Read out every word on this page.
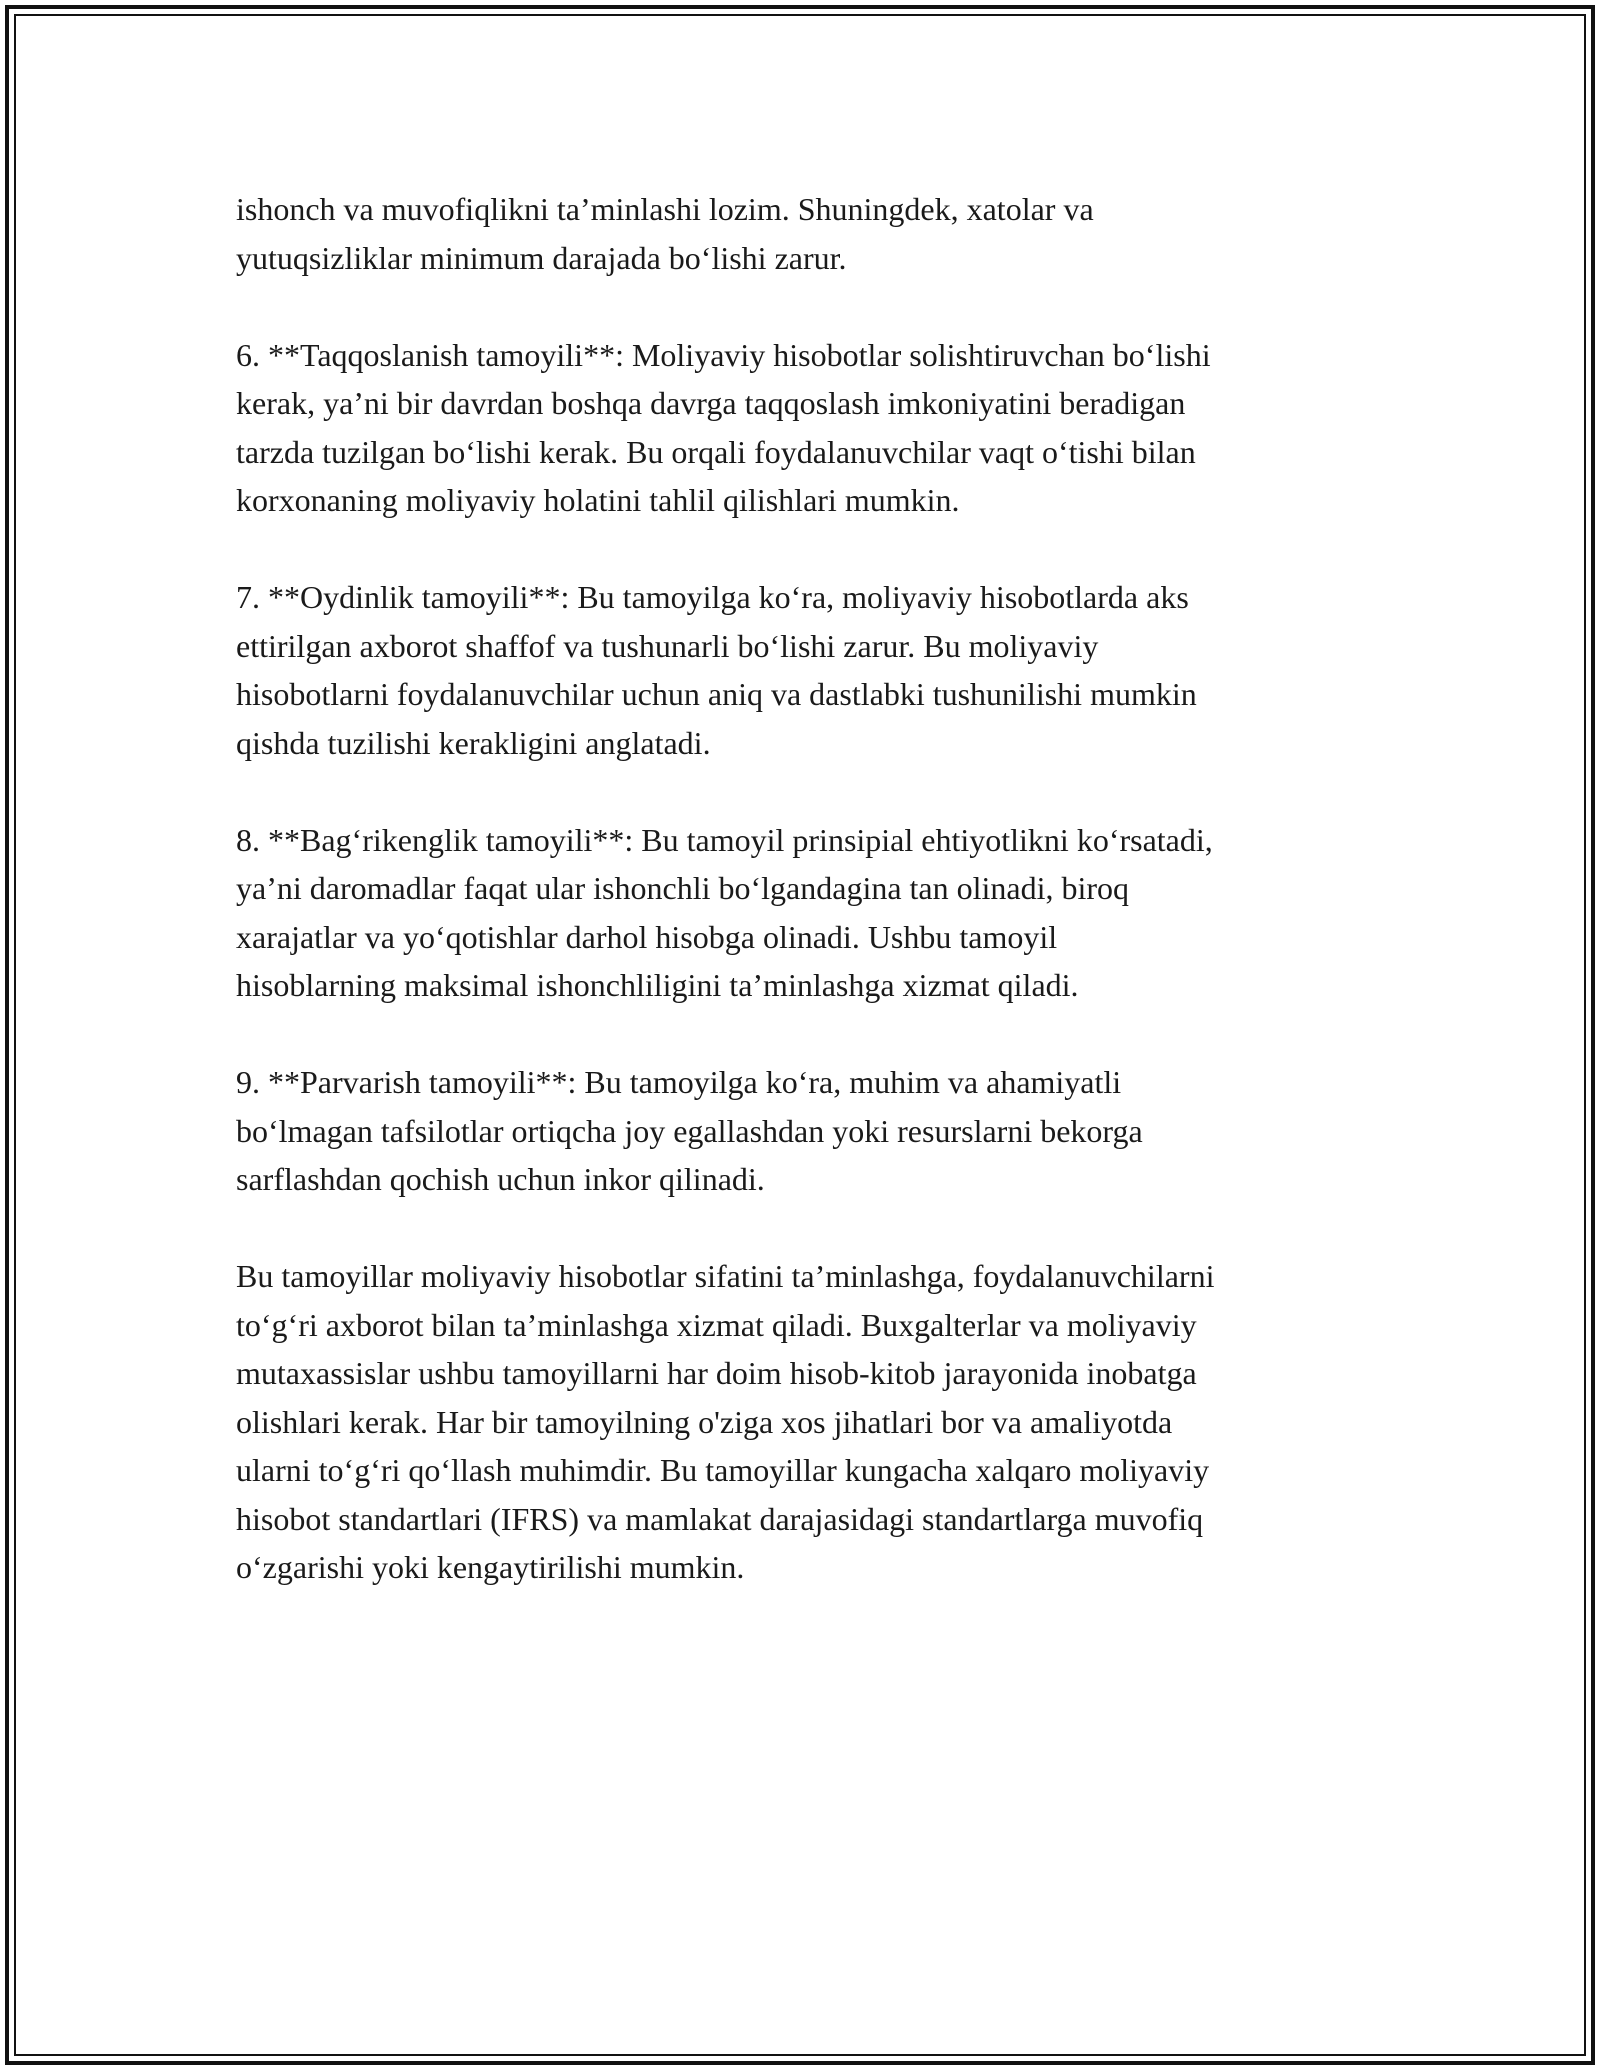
ishonch va muvofiqlikni ta’minlashi lozim. Shuningdek, xatolar va
yutuqsizliklar minimum darajada bo‘lishi zarur.

6. **Taqqoslanish tamoyili**: Moliyaviy hisobotlar solishtiruvchan bo‘lishi
kerak, ya’ni bir davrdan boshqa davrga taqqoslash imkoniyatini beradigan
tarzda tuzilgan bo‘lishi kerak. Bu orqali foydalanuvchilar vaqt o‘tishi bilan
korxonaning moliyaviy holatini tahlil qilishlari mumkin.

7. **Oydinlik tamoyili**: Bu tamoyilga ko‘ra, moliyaviy hisobotlarda aks
ettirilgan axborot shaffof va tushunarli bo‘lishi zarur. Bu moliyaviy
hisobotlarni foydalanuvchilar uchun aniq va dastlabki tushunilishi mumkin
qishda tuzilishi kerakligini anglatadi.

8. **Bag‘rikenglik tamoyili**: Bu tamoyil prinsipial ehtiyotlikni ko‘rsatadi,
ya’ni daromadlar faqat ular ishonchli bo‘lgandagina tan olinadi, biroq
xarajatlar va yo‘qotishlar darhol hisobga olinadi. Ushbu tamoyil
hisoblarning maksimal ishonchliligini ta’minlashga xizmat qiladi.

9. **Parvarish tamoyili**: Bu tamoyilga ko‘ra, muhim va ahamiyatli
bo‘lmagan tafsilotlar ortiqcha joy egallashdan yoki resurslarni bekorga
sarflashdan qochish uchun inkor qilinadi.

Bu tamoyillar moliyaviy hisobotlar sifatini ta’minlashga, foydalanuvchilarni
to‘g‘ri axborot bilan ta’minlashga xizmat qiladi. Buxgalterlar va moliyaviy
mutaxassislar ushbu tamoyillarni har doim hisob-kitob jarayonida inobatga
olishlari kerak. Har bir tamoyilning o'ziga xos jihatlari bor va amaliyotda
ularni to‘g‘ri qo‘llash muhimdir. Bu tamoyillar kungacha xalqaro moliyaviy
hisobot standartlari (IFRS) va mamlakat darajasidagi standartlarga muvofiq
o‘zgarishi yoki kengaytirilishi mumkin.
